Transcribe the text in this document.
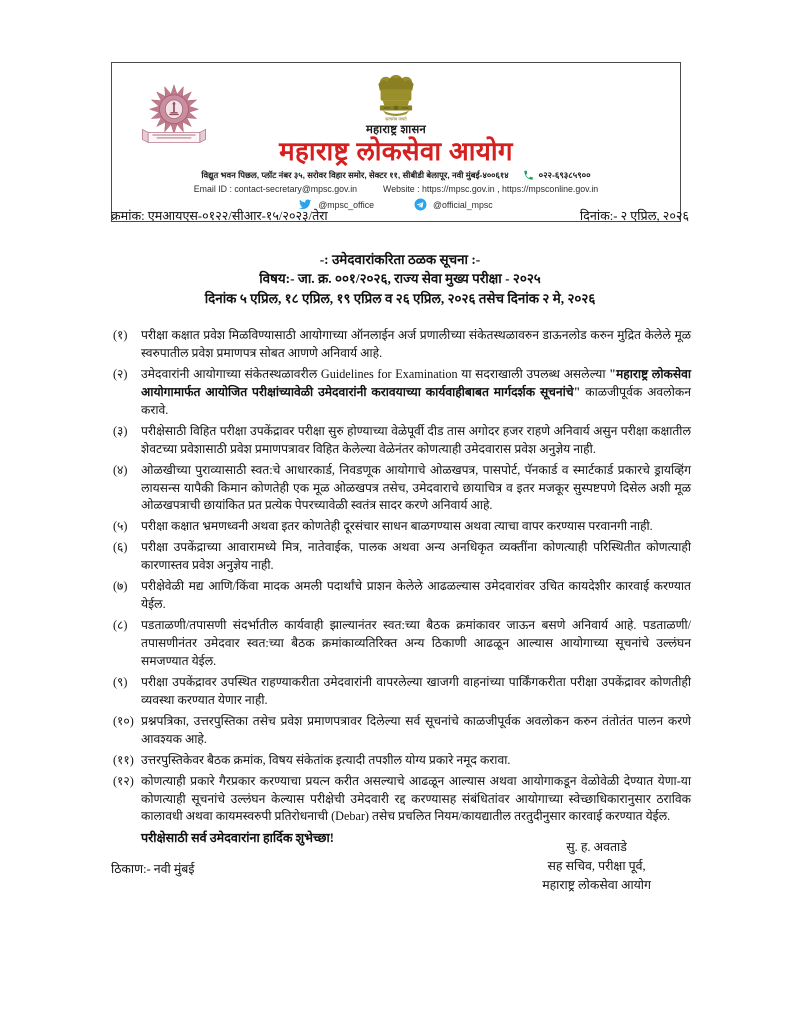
सत्यमेव जयते
महाराष्ट्र शासन
महाराष्ट्र लोकसेवा आयोग
विद्युत भवन पिछल, प्लॉट नंबर ३५, सरोवर विहार समोर, सेक्टर ११, सीबीडी बेलापूर, नवी मुंबई-४००६१४	०२२-६९३८५९००
Email ID : contact-secretary@mpsc.gov.in	Website : https://mpsc.gov.in , https://mpsconline.gov.in
@mpsc_office	@official_mpsc
क्रमांक: एमआयएस-०१२२/सीआर-१५/२०२३/तेरा	दिनांक:- २ एप्रिल, २०२६
-: उमेदवारांकरिता ठळक सूचना :-
विषय:- जा. क्र. ००१/२०२६, राज्य सेवा मुख्य परीक्षा - २०२५
दिनांक ५ एप्रिल, १८ एप्रिल, १९ एप्रिल व २६ एप्रिल, २०२६ तसेच दिनांक २ मे, २०२६
(१)	परीक्षा कक्षात प्रवेश मिळविण्यासाठी आयोगाच्या ऑनलाईन अर्ज प्रणालीच्या संकेतस्थळावरुन डाऊनलोड करुन मुद्रित केलेले मूळ स्वरुपातील प्रवेश प्रमाणपत्र सोबत आणणे अनिवार्य आहे.
(२)	उमेदवारांनी आयोगाच्या संकेतस्थळावरील Guidelines for Examination या सदराखाली उपलब्ध असलेल्या "महाराष्ट्र लोकसेवा आयोगामार्फत आयोजित परीक्षांच्यावेळी उमेदवारांनी करावयाच्या कार्यवाहीबाबत मार्गदर्शक सूचनांचे" काळजीपूर्वक अवलोकन करावे.
(३)	परीक्षेसाठी विहित परीक्षा उपकेंद्रावर परीक्षा सुरु होण्याच्या वेळेपूर्वी दीड तास अगोदर हजर राहणे अनिवार्य असुन परीक्षा कक्षातील शेवटच्या प्रवेशासाठी प्रवेश प्रमाणपत्रावर विहित केलेल्या वेळेनंतर कोणत्याही उमेदवारास प्रवेश अनुज्ञेय नाही.
(४)	ओळखीच्या पुराव्यासाठी स्वत:चे आधारकार्ड, निवडणूक आयोगाचे ओळखपत्र, पासपोर्ट, पॅनकार्ड व स्मार्टकार्ड प्रकारचे ड्रायव्हिंग लायसन्स यापैकी किमान कोणतेही एक मूळ ओळखपत्र तसेच, उमेदवाराचे छायाचित्र व इतर मजकूर सुस्पष्टपणे दिसेल अशी मूळ ओळखपत्राची छायांकित प्रत प्रत्येक पेपरच्यावेळी स्वतंत्र सादर करणे अनिवार्य आहे.
(५)	परीक्षा कक्षात भ्रमणध्वनी अथवा इतर कोणतेही दूरसंचार साधन बाळगण्यास अथवा त्याचा वापर करण्यास परवानगी नाही.
(६)	परीक्षा उपकेंद्राच्या आवारामध्ये मित्र, नातेवाईक, पालक अथवा अन्य अनधिकृत व्यक्तींना कोणत्याही परिस्थितीत कोणत्याही कारणास्तव प्रवेश अनुज्ञेय नाही.
(७)	परीक्षेवेळी मद्य आणि/किंवा मादक अमली पदार्थांचे प्राशन केलेले आढळल्यास उमेदवारांवर उचित कायदेशीर कारवाई करण्यात येईल.
(८)	पडताळणी/तपासणी संदर्भातील कार्यवाही झाल्यानंतर स्वत:च्या बैठक क्रमांकावर जाऊन बसणे अनिवार्य आहे. पडताळणी/तपासणीनंतर उमेदवार स्वत:च्या बैठक क्रमांकाव्यतिरिक्त अन्य ठिकाणी आढळून आल्यास आयोगाच्या सूचनांचे उल्लंघन समजण्यात येईल.
(९)	परीक्षा उपकेंद्रावर उपस्थित राहण्याकरीता उमेदवारांनी वापरलेल्या खाजगी वाहनांच्या पार्किंगकरीता परीक्षा उपकेंद्रावर कोणतीही व्यवस्था करण्यात येणार नाही.
(१०) प्रश्नपत्रिका, उत्तरपुस्तिका तसेच प्रवेश प्रमाणपत्रावर दिलेल्या सर्व सूचनांचे काळजीपूर्वक अवलोकन करुन तंतोतंत पालन करणे आवश्यक आहे.
(११) उत्तरपुस्तिकेवर बैठक क्रमांक, विषय संकेतांक इत्यादी तपशील योग्य प्रकारे नमूद करावा.
(१२) कोणत्याही प्रकारे गैरप्रकार करण्याचा प्रयत्न करीत असल्याचे आढळून आल्यास अथवा आयोगाकडून वेळोवेळी देण्यात येणा-या कोणत्याही सूचनांचे उल्लंघन केल्यास परीक्षेची उमेदवारी रद्द करण्यासह संबंधितांवर आयोगाच्या स्वेच्छाधिकारानुसार ठराविक कालावधी अथवा कायमस्वरुपी प्रतिरोधनाची (Debar) तसेच प्रचलित नियम/कायद्यातील तरतुदीनुसार कारवाई करण्यात येईल.
परीक्षेसाठी सर्व उमेदवारांना हार्दिक शुभेच्छा!
ठिकाण:- नवी मुंबई
सु. ह. अवताडे
सह सचिव, परीक्षा पूर्व,
महाराष्ट्र लोकसेवा आयोग
